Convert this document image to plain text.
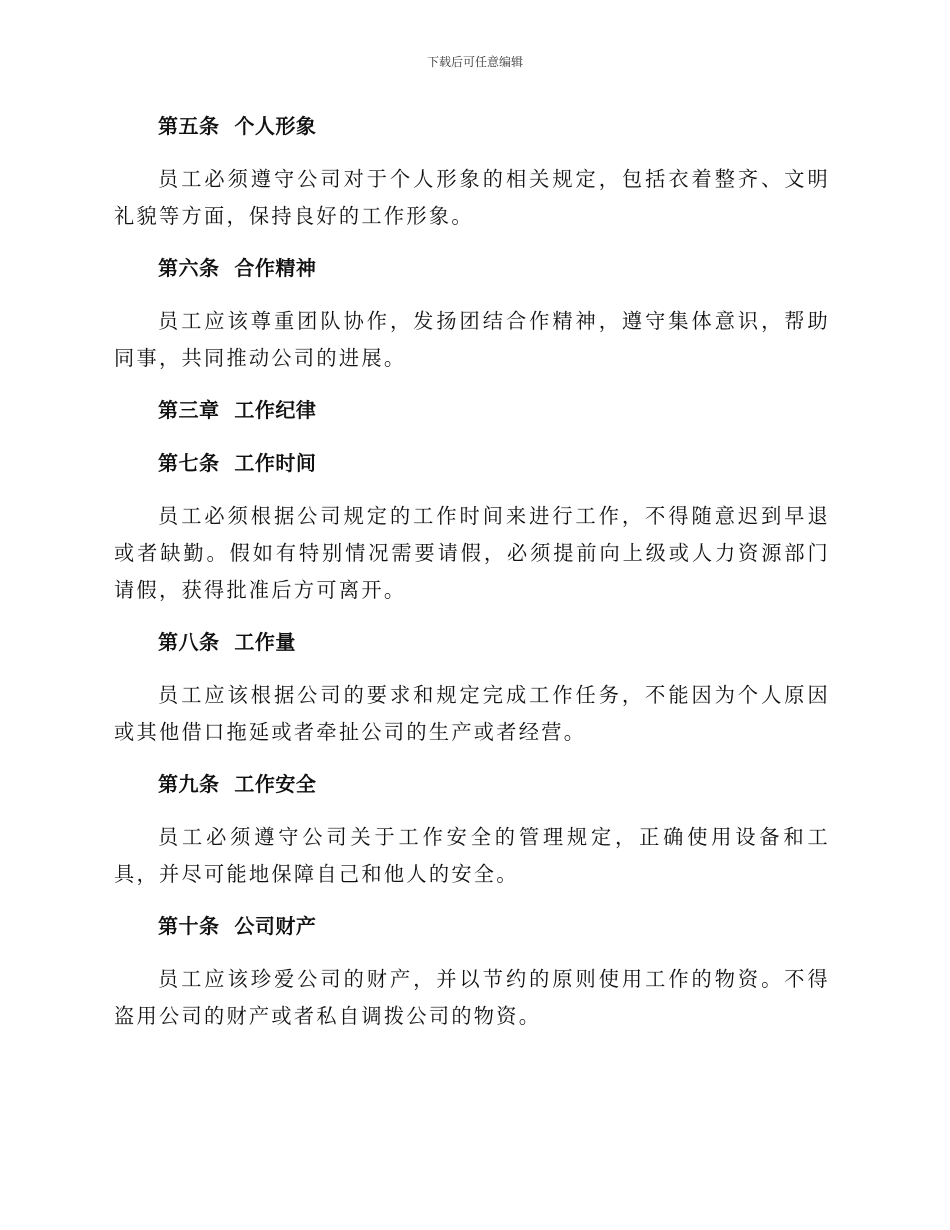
下载后可任意编辑
第五条  个人形象
员工必须遵守公司对于个人形象的相关规定，包括衣着整齐、文明礼貌等方面，保持良好的工作形象。
第六条  合作精神
员工应该尊重团队协作，发扬团结合作精神，遵守集体意识，帮助同事，共同推动公司的进展。
第三章  工作纪律
第七条  工作时间
员工必须根据公司规定的工作时间来进行工作，不得随意迟到早退或者缺勤。假如有特别情况需要请假，必须提前向上级或人力资源部门请假，获得批准后方可离开。
第八条  工作量
员工应该根据公司的要求和规定完成工作任务，不能因为个人原因或其他借口拖延或者牵扯公司的生产或者经营。
第九条  工作安全
员工必须遵守公司关于工作安全的管理规定，正确使用设备和工具，并尽可能地保障自己和他人的安全。
第十条  公司财产
员工应该珍爱公司的财产，并以节约的原则使用工作的物资。不得盗用公司的财产或者私自调拨公司的物资。
